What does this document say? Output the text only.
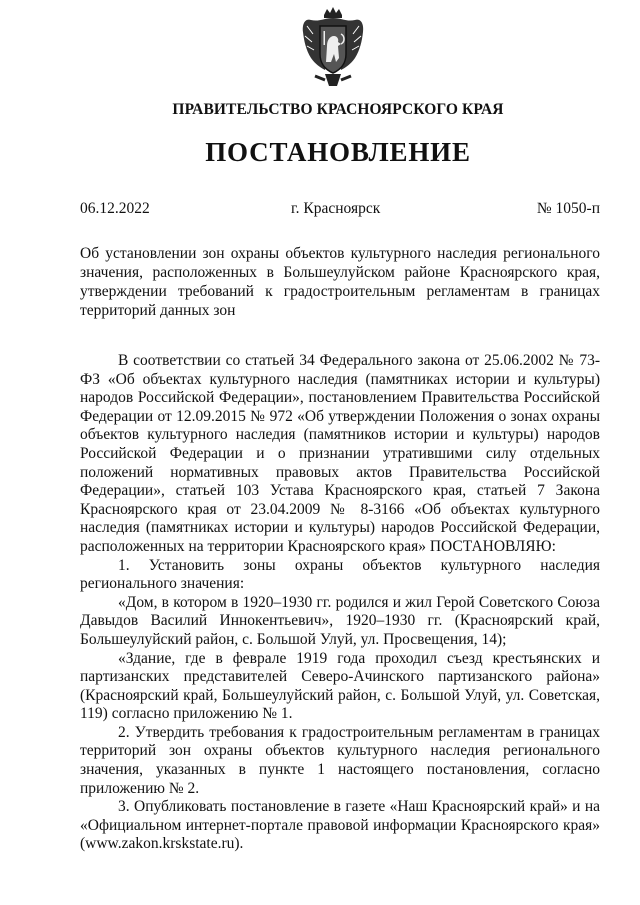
ПРАВИТЕЛЬСТВО КРАСНОЯРСКОГО КРАЯ
ПОСТАНОВЛЕНИЕ
06.12.2022	г. Красноярск	№ 1050-п
Об установлении зон охраны объектов культурного наследия регионального значения, расположенных в Большеулуйском районе Красноярского края, утверждении требований к градостроительным регламентам в границах территорий данных зон

В соответствии со статьей 34 Федерального закона от 25.06.2002 № 73-ФЗ «Об объектах культурного наследия (памятниках истории и культуры) народов Российской Федерации», постановлением Правительства Российской Федерации от 12.09.2015 № 972 «Об утверждении Положения о зонах охраны объектов культурного наследия (памятников истории и культуры) народов Российской Федерации и о признании утратившими силу отдельных положений нормативных правовых актов Правительства Российской Федерации», статьей 103 Устава Красноярского края, статьей 7 Закона Красноярского края от 23.04.2009 № 8-3166 «Об объектах культурного наследия (памятниках истории и культуры) народов Российской Федерации, расположенных на территории Красноярского края» ПОСТАНОВЛЯЮ:

1. Установить зоны охраны объектов культурного наследия регионального значения:

«Дом, в котором в 1920–1930 гг. родился и жил Герой Советского Союза Давыдов Василий Иннокентьевич», 1920–1930 гг. (Красноярский край, Большеулуйский район, с. Большой Улуй, ул. Просвещения, 14);

«Здание, где в феврале 1919 года проходил съезд крестьянских и партизанских представителей Северо-Ачинского партизанского района» (Красноярский край, Большеулуйский район, с. Большой Улуй, ул. Советская, 119) согласно приложению № 1.

2. Утвердить требования к градостроительным регламентам в границах территорий зон охраны объектов культурного наследия регионального значения, указанных в пункте 1 настоящего постановления, согласно приложению № 2.

3. Опубликовать постановление в газете «Наш Красноярский край» и на «Официальном интернет-портале правовой информации Красноярского края» (www.zakon.krskstate.ru).
